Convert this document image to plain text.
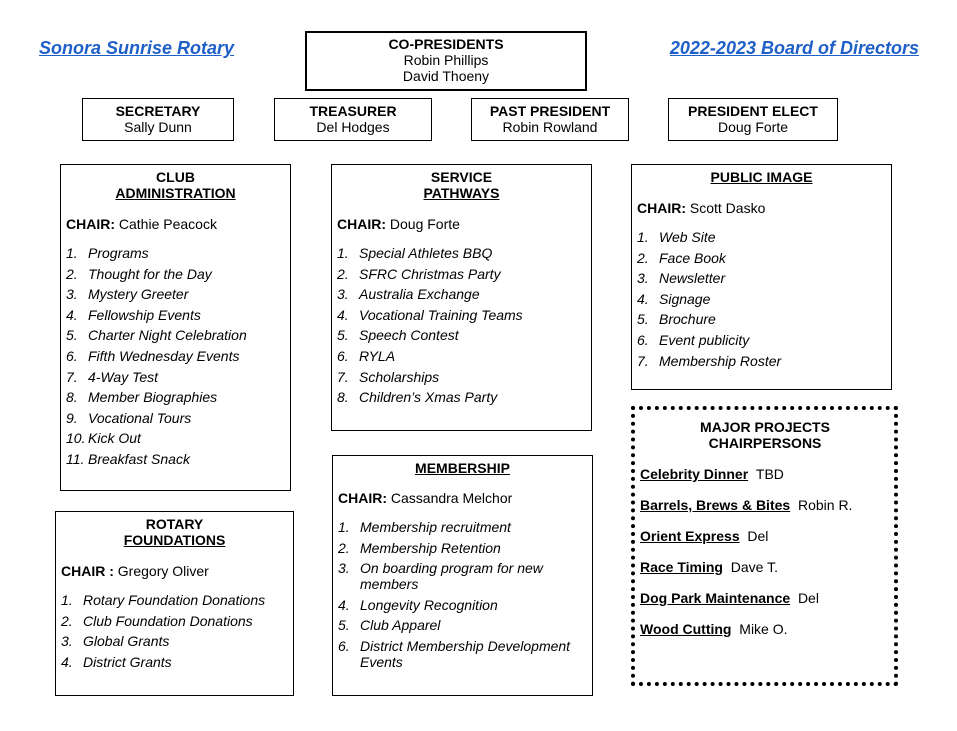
Sonora Sunrise Rotary	2022-2023 Board of Directors
CO-PRESIDENTS
Robin Phillips
David Thoeny
SECRETARY
Sally Dunn
TREASURER
Del Hodges
PAST PRESIDENT
Robin Rowland
PRESIDENT ELECT
Doug Forte
CLUB
ADMINISTRATION
CHAIR: Cathie Peacock
1. Programs
2. Thought for the Day
3. Mystery Greeter
4. Fellowship Events
5. Charter Night Celebration
6. Fifth Wednesday Events
7. 4-Way Test
8. Member Biographies
9. Vocational Tours
10. Kick Out
11. Breakfast Snack
ROTARY
FOUNDATIONS
CHAIR : Gregory Oliver
1. Rotary Foundation Donations
2. Club Foundation Donations
3. Global Grants
4. District Grants
SERVICE
PATHWAYS
CHAIR: Doug Forte
1. Special Athletes BBQ
2. SFRC Christmas Party
3. Australia Exchange
4. Vocational Training Teams
5. Speech Contest
6. RYLA
7. Scholarships
8. Children’s Xmas Party
MEMBERSHIP
CHAIR: Cassandra Melchor
1. Membership recruitment
2. Membership Retention
3. On boarding program for new members
4. Longevity Recognition
5. Club Apparel
6. District Membership Development Events
PUBLIC IMAGE
CHAIR: Scott Dasko
1. Web Site
2. Face Book
3. Newsletter
4. Signage
5. Brochure
6. Event publicity
7. Membership Roster
MAJOR PROJECTS
CHAIRPERSONS
Celebrity Dinner TBD
Barrels, Brews & Bites Robin R.
Orient Express Del
Race Timing Dave T.
Dog Park Maintenance Del
Wood Cutting Mike O.
